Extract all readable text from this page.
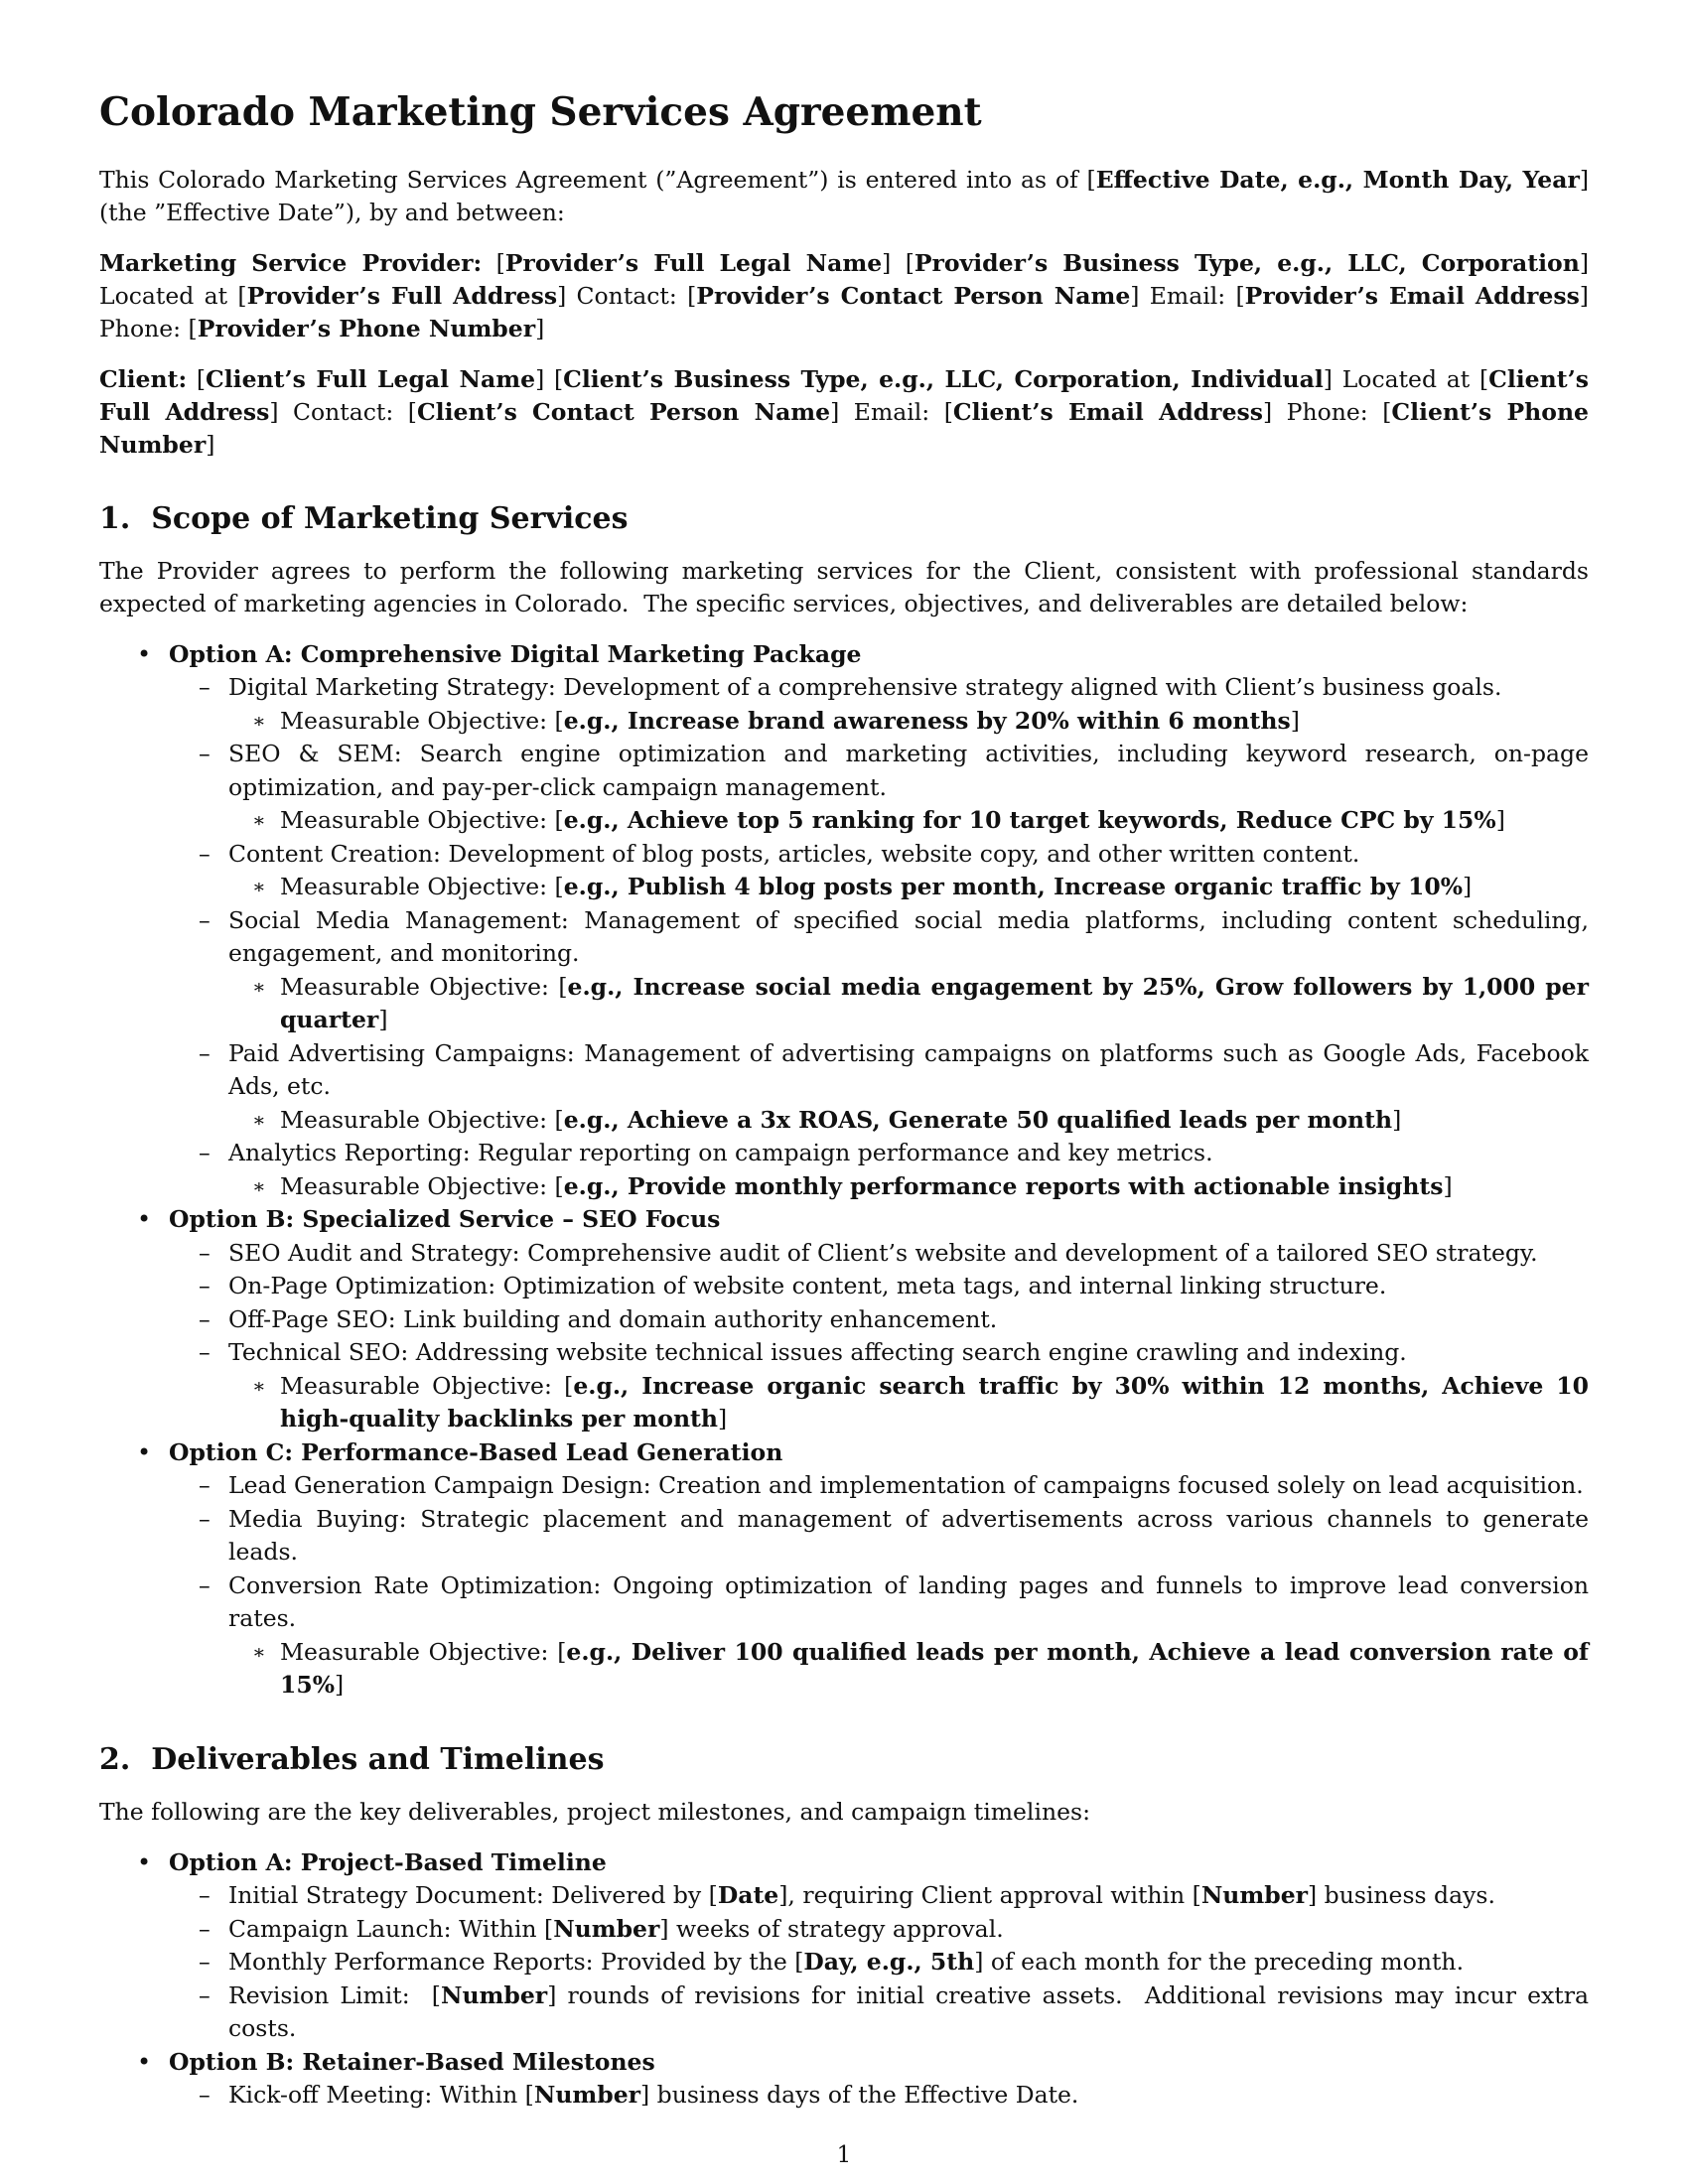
Colorado Marketing Services Agreement

This Colorado Marketing Services Agreement (”Agreement”) is entered into as of [Effective Date, e.g., Month Day, Year] (the ”Effective Date”), by and between:

Marketing Service Provider: [Provider’s Full Legal Name] [Provider’s Business Type, e.g., LLC, Corporation] Located at [Provider’s Full Address] Contact: [Provider’s Contact Person Name] Email: [Provider’s Email Address] Phone: [Provider’s Phone Number]

Client: [Client’s Full Legal Name] [Client’s Business Type, e.g., LLC, Corporation, Individual] Located at [Client’s Full Address] Contact: [Client’s Contact Person Name] Email: [Client’s Email Address] Phone: [Client’s Phone Number]

1.  Scope of Marketing Services

The Provider agrees to perform the following marketing services for the Client, consistent with professional standards expected of marketing agencies in Colorado.  The specific services, objectives, and deliverables are detailed below:

• Option A: Comprehensive Digital Marketing Package
– Digital Marketing Strategy: Development of a comprehensive strategy aligned with Client’s business goals.
∗ Measurable Objective: [e.g., Increase brand awareness by 20% within 6 months]
– SEO & SEM: Search engine optimization and marketing activities, including keyword research, on-page optimization, and pay-per-click campaign management.
∗ Measurable Objective: [e.g., Achieve top 5 ranking for 10 target keywords, Reduce CPC by 15%]
– Content Creation: Development of blog posts, articles, website copy, and other written content.
∗ Measurable Objective: [e.g., Publish 4 blog posts per month, Increase organic traffic by 10%]
– Social Media Management: Management of specified social media platforms, including content scheduling, engagement, and monitoring.
∗ Measurable Objective: [e.g., Increase social media engagement by 25%, Grow followers by 1,000 per quarter]
– Paid Advertising Campaigns: Management of advertising campaigns on platforms such as Google Ads, Facebook Ads, etc.
∗ Measurable Objective: [e.g., Achieve a 3x ROAS, Generate 50 qualified leads per month]
– Analytics Reporting: Regular reporting on campaign performance and key metrics.
∗ Measurable Objective: [e.g., Provide monthly performance reports with actionable insights]
• Option B: Specialized Service – SEO Focus
– SEO Audit and Strategy: Comprehensive audit of Client’s website and development of a tailored SEO strategy.
– On-Page Optimization: Optimization of website content, meta tags, and internal linking structure.
– Off-Page SEO: Link building and domain authority enhancement.
– Technical SEO: Addressing website technical issues affecting search engine crawling and indexing.
∗ Measurable Objective: [e.g., Increase organic search traffic by 30% within 12 months, Achieve 10 high-quality backlinks per month]
• Option C: Performance-Based Lead Generation
– Lead Generation Campaign Design: Creation and implementation of campaigns focused solely on lead acquisition.
– Media Buying: Strategic placement and management of advertisements across various channels to generate leads.
– Conversion Rate Optimization: Ongoing optimization of landing pages and funnels to improve lead conversion rates.
∗ Measurable Objective: [e.g., Deliver 100 qualified leads per month, Achieve a lead conversion rate of 15%]
2.  Deliverables and Timelines

The following are the key deliverables, project milestones, and campaign timelines:

• Option A: Project-Based Timeline
– Initial Strategy Document: Delivered by [Date], requiring Client approval within [Number] business days.
– Campaign Launch: Within [Number] weeks of strategy approval.
– Monthly Performance Reports: Provided by the [Day, e.g., 5th] of each month for the preceding month.
– Revision Limit:  [Number] rounds of revisions for initial creative assets.  Additional revisions may incur extra costs.
• Option B: Retainer-Based Milestones
– Kick-off Meeting: Within [Number] business days of the Effective Date.
1
